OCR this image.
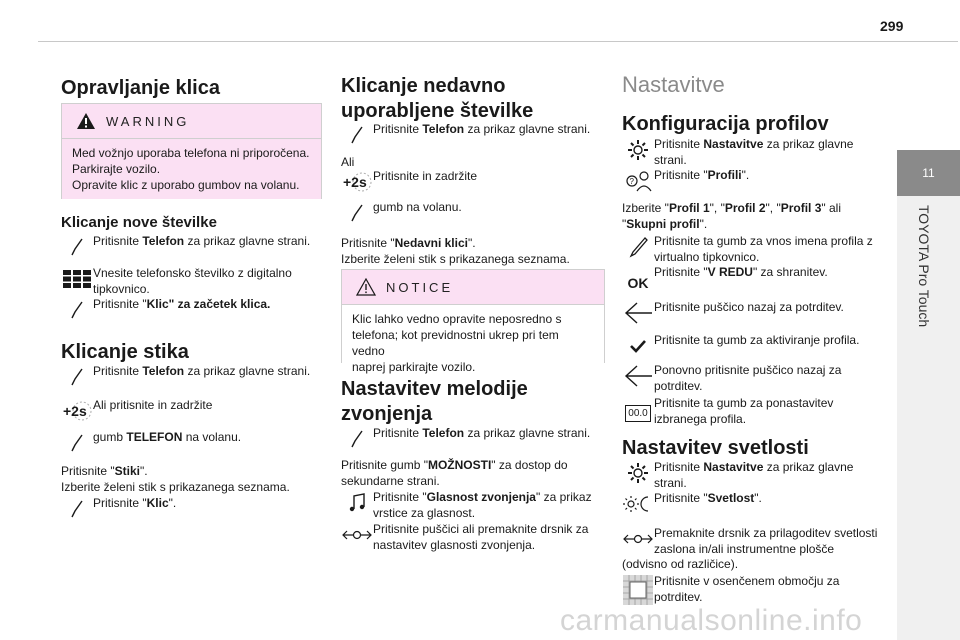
299
11
TOYOTA Pro Touch
Opravljanje klica
WARNING
Med vožnjo uporaba telefona ni priporočena.
Parkirajte vozilo.
Opravite klic z uporabo gumbov na volanu.
Klicanje nove številke
Pritisnite Telefon za prikaz glavne strani.
Vnesite telefonsko številko z digitalno tipkovnico.
Pritisnite "Klic" za začetek klica.
Klicanje stika
Pritisnite Telefon za prikaz glavne strani.
+2s Ali pritisnite in zadržite
gumb TELEFON na volanu.
Pritisnite "Stiki".
Izberite želeni stik s prikazanega seznama.
Pritisnite "Klic".
Klicanje nedavno
uporabljene številke
Pritisnite Telefon za prikaz glavne strani.
Ali
+2s Pritisnite in zadržite
gumb na volanu.
Pritisnite "Nedavni klici".
Izberite želeni stik s prikazanega seznama.
NOTICE
Klic lahko vedno opravite neposredno s
telefona; kot previdnostni ukrep pri tem vedno
naprej parkirajte vozilo.
Nastavitev melodije
zvonjenja
Pritisnite Telefon za prikaz glavne strani.
Pritisnite gumb "MOŽNOSTI" za dostop do
sekundarne strani.
Pritisnite "Glasnost zvonjenja" za prikaz vrstice za glasnost.
Pritisnite puščici ali premaknite drsnik za nastavitev glasnosti zvonjenja.
Nastavitve
Konfiguracija profilov
Pritisnite Nastavitve za prikaz glavne strani.
? Pritisnite "Profili".
Izberite "Profil 1", "Profil 2", "Profil 3" ali
"Skupni profil".
Pritisnite ta gumb za vnos imena profila z virtualno tipkovnico.
OK
Pritisnite "V REDU" za shranitev.
Pritisnite puščico nazaj za potrditev.
Pritisnite ta gumb za aktiviranje profila.
Ponovno pritisnite puščico nazaj za potrditev.
00.0
Pritisnite ta gumb za ponastavitev izbranega profila.
Nastavitev svetlosti
Pritisnite Nastavitve za prikaz glavne strani.
Pritisnite "Svetlost".
Premaknite drsnik za prilagoditev svetlosti zaslona in/ali instrumentne plošče
(odvisno od različice).
Pritisnite v osenčenem območju za potrditev.
carmanualsonline.info
